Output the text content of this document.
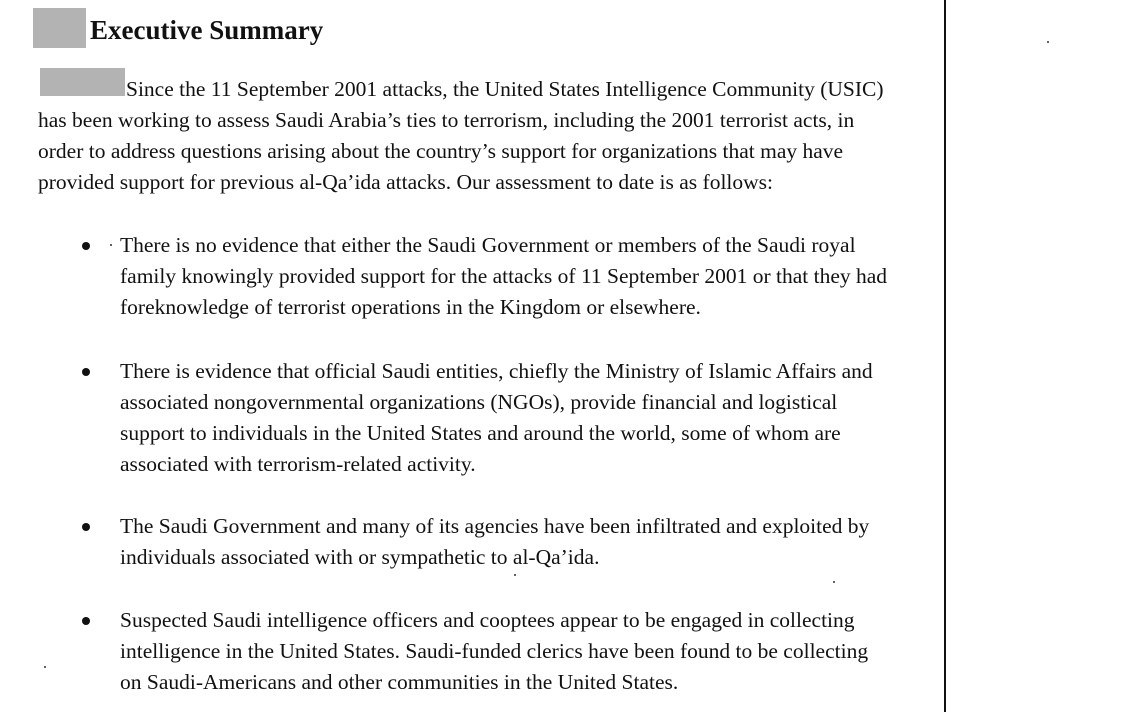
Executive Summary

Since the 11 September 2001 attacks, the United States Intelligence Community (USIC)
has been working to assess Saudi Arabia’s ties to terrorism, including the 2001 terrorist acts, in
order to address questions arising about the country’s support for organizations that may have
provided support for previous al-Qa’ida attacks. Our assessment to date is as follows:

There is no evidence that either the Saudi Government or members of the Saudi royal
family knowingly provided support for the attacks of 11 September 2001 or that they had
foreknowledge of terrorist operations in the Kingdom or elsewhere.
There is evidence that official Saudi entities, chiefly the Ministry of Islamic Affairs and
associated nongovernmental organizations (NGOs), provide financial and logistical
support to individuals in the United States and around the world, some of whom are
associated with terrorism-related activity.
The Saudi Government and many of its agencies have been infiltrated and exploited by
individuals associated with or sympathetic to al-Qa’ida.
Suspected Saudi intelligence officers and cooptees appear to be engaged in collecting
intelligence in the United States. Saudi-funded clerics have been found to be collecting
on Saudi-Americans and other communities in the United States.
